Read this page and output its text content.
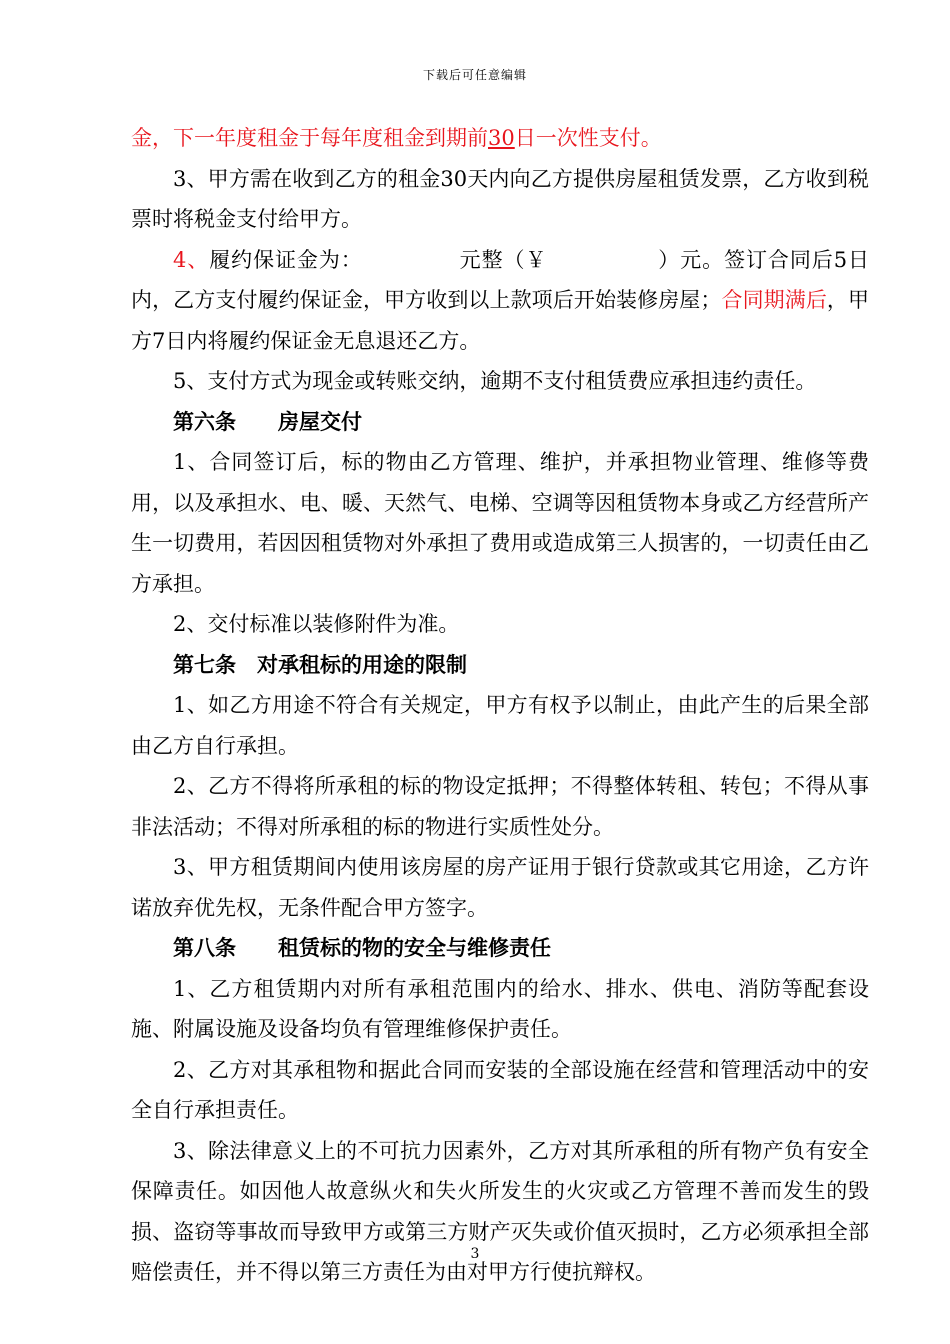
下载后可任意编辑

金，下一年度租金于每年度租金到期前30日一次性支付。

3、甲方需在收到乙方的租金30天内向乙方提供房屋租赁发票，乙方收到税票时将税金支付给甲方。

4、履约保证金为：	元整（￥	）元。签订合同后5日内，乙方支付履约保证金，甲方收到以上款项后开始装修房屋；合同期满后，甲方7日内将履约保证金无息退还乙方。

5、支付方式为现金或转账交纳，逾期不支付租赁费应承担违约责任。

第六条　　房屋交付

1、合同签订后，标的物由乙方管理、维护，并承担物业管理、维修等费用，以及承担水、电、暖、天然气、电梯、空调等因租赁物本身或乙方经营所产生一切费用，若因因租赁物对外承担了费用或造成第三人损害的，一切责任由乙方承担。

2、交付标准以装修附件为准。

第七条　对承租标的用途的限制

1、如乙方用途不符合有关规定，甲方有权予以制止，由此产生的后果全部由乙方自行承担。

2、乙方不得将所承租的标的物设定抵押；不得整体转租、转包；不得从事非法活动；不得对所承租的标的物进行实质性处分。

3、甲方租赁期间内使用该房屋的房产证用于银行贷款或其它用途，乙方许诺放弃优先权，无条件配合甲方签字。

第八条　　租赁标的物的安全与维修责任

1、乙方租赁期内对所有承租范围内的给水、排水、供电、消防等配套设施、附属设施及设备均负有管理维修保护责任。

2、乙方对其承租物和据此合同而安装的全部设施在经营和管理活动中的安全自行承担责任。

3、除法律意义上的不可抗力因素外，乙方对其所承租的所有物产负有安全保障责任。如因他人故意纵火和失火所发生的火灾或乙方管理不善而发生的毁损、盗窃等事故而导致甲方或第三方财产灭失或价值灭损时，乙方必须承担全部赔偿责任，并不得以第三方责任为由对甲方行使抗辩权。

3
